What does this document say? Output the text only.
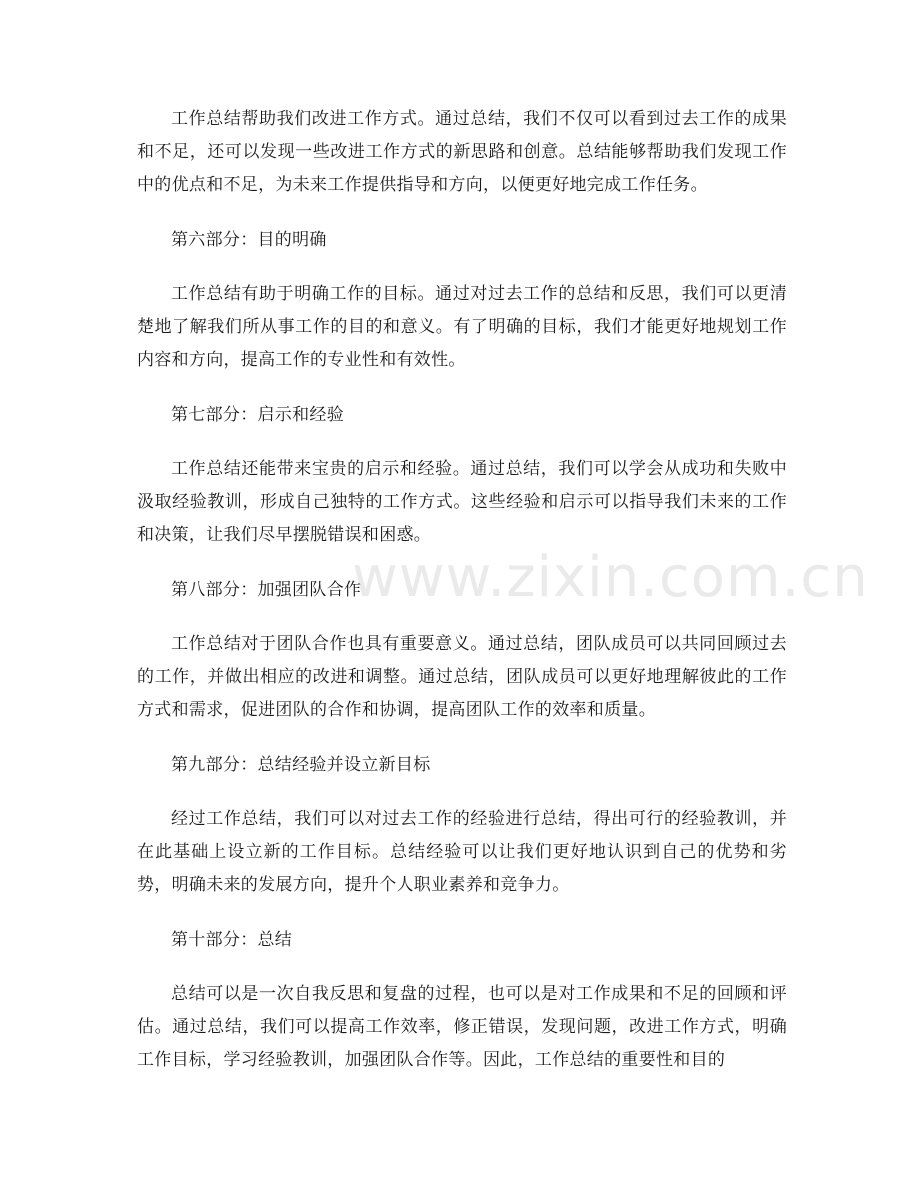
工作总结帮助我们改进工作方式。通过总结，我们不仅可以看到过去工作的成果和不足，还可以发现一些改进工作方式的新思路和创意。总结能够帮助我们发现工作中的优点和不足，为未来工作提供指导和方向，以便更好地完成工作任务。

第六部分：目的明确

工作总结有助于明确工作的目标。通过对过去工作的总结和反思，我们可以更清楚地了解我们所从事工作的目的和意义。有了明确的目标，我们才能更好地规划工作内容和方向，提高工作的专业性和有效性。

第七部分：启示和经验

工作总结还能带来宝贵的启示和经验。通过总结，我们可以学会从成功和失败中汲取经验教训，形成自己独特的工作方式。这些经验和启示可以指导我们未来的工作和决策，让我们尽早摆脱错误和困惑。

第八部分：加强团队合作

工作总结对于团队合作也具有重要意义。通过总结，团队成员可以共同回顾过去的工作，并做出相应的改进和调整。通过总结，团队成员可以更好地理解彼此的工作方式和需求，促进团队的合作和协调，提高团队工作的效率和质量。

第九部分：总结经验并设立新目标

经过工作总结，我们可以对过去工作的经验进行总结，得出可行的经验教训，并在此基础上设立新的工作目标。总结经验可以让我们更好地认识到自己的优势和劣势，明确未来的发展方向，提升个人职业素养和竞争力。

第十部分：总结

总结可以是一次自我反思和复盘的过程，也可以是对工作成果和不足的回顾和评估。通过总结，我们可以提高工作效率，修正错误，发现问题，改进工作方式，明确工作目标，学习经验教训，加强团队合作等。因此，工作总结的重要性和目的

www.zixin.com.cn
